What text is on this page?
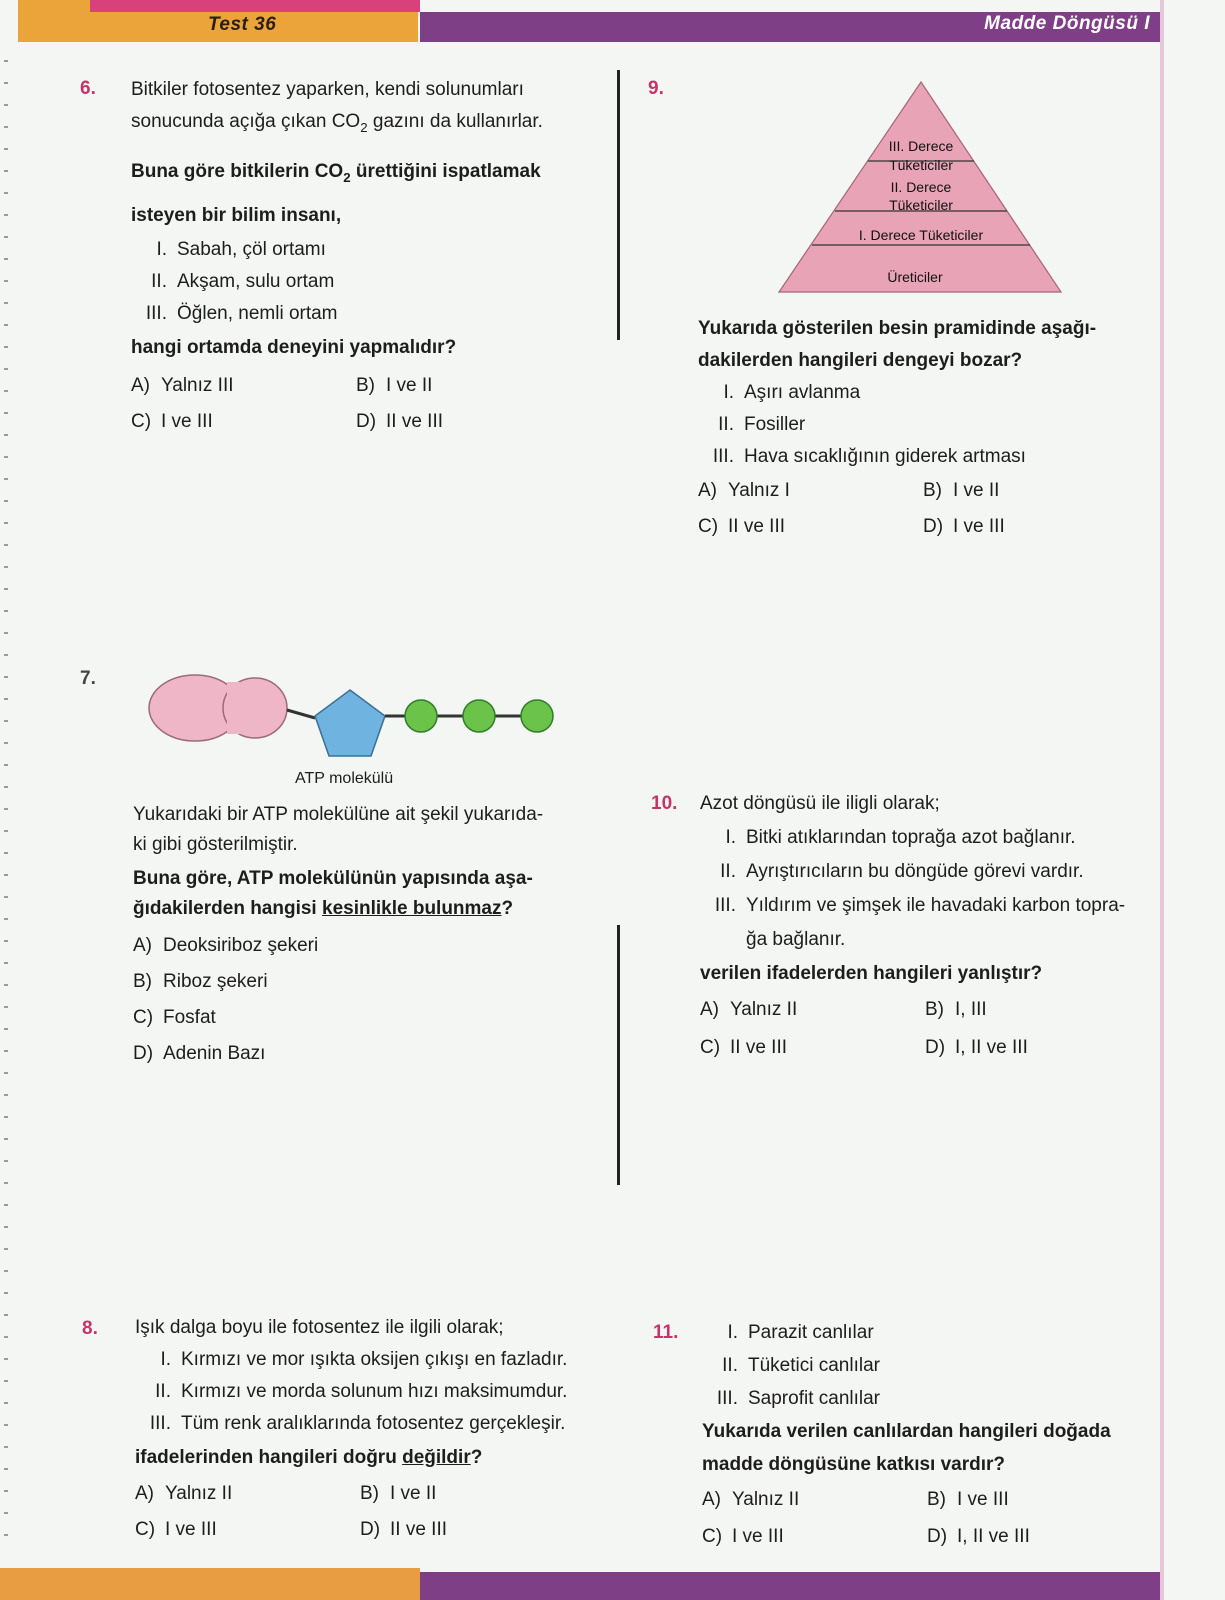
Test 36	Madde Döngüsü I
6. Bitkiler fotosentez yaparken, kendi solunumları

sonucunda açığa çıkan $CO_2$ gazını da kullanırlar.

Buna göre bitkilerin $CO_2$ ürettiğini ispatlamak

isteyen bir bilim insanı,

I. Sabah, çöl ortamı
II. Akşam, sulu ortam
III. Öğlen, nemli ortam

hangi ortamda deneyini yapmalıdır?

A) Yalnız III	B) I ve II
C) I ve III	D) II ve III
7.
ATP molekülü

Yukarıdaki bir ATP molekülüne ait şekil yukarıda-

ki gibi gösterilmiştir.

Buna göre, ATP molekülünün yapısında aşa-

ğıdakilerden hangisi kesinlikle bulunmaz?

A) Deoksiriboz şekeri
B) Riboz şekeri
C) Fosfat
D) Adenin Bazı
8. Işık dalga boyu ile fotosentez ile ilgili olarak;

I. Kırmızı ve mor ışıkta oksijen çıkışı en fazladır.
II. Kırmızı ve morda solunum hızı maksimumdur.
III. Tüm renk aralıklarında fotosentez gerçekleşir.

ifadelerinden hangileri doğru değildir?

A) Yalnız II	B) I ve II
C) I ve III	D) II ve III
9.
III. Derece
Tüketiciler
II. Derece
Tüketiciler
I. Derece Tüketiciler
Üreticiler

Yukarıda gösterilen besin pramidinde aşağı-

dakilerden hangileri dengeyi bozar?

I. Aşırı avlanma
II. Fosiller
III. Hava sıcaklığının giderek artması
A) Yalnız I	B) I ve II
C) II ve III	D) I ve III
10. Azot döngüsü ile iligli olarak;

I. Bitki atıklarından toprağa azot bağlanır.
II. Ayrıştırıcıların bu döngüde görevi vardır.
III. Yıldırım ve şimşek ile havadaki karbon topra-
ğa bağlanır.

verilen ifadelerden hangileri yanlıştır?

A) Yalnız II	B) I, III
C) II ve III	D) I, II ve III
11.	I. Parazit canlılar
II. Tüketici canlılar
III. Saprofit canlılar

Yukarıda verilen canlılardan hangileri doğada

madde döngüsüne katkısı vardır?

A) Yalnız II	B) I ve III
C) I ve III	D) I, II ve III
